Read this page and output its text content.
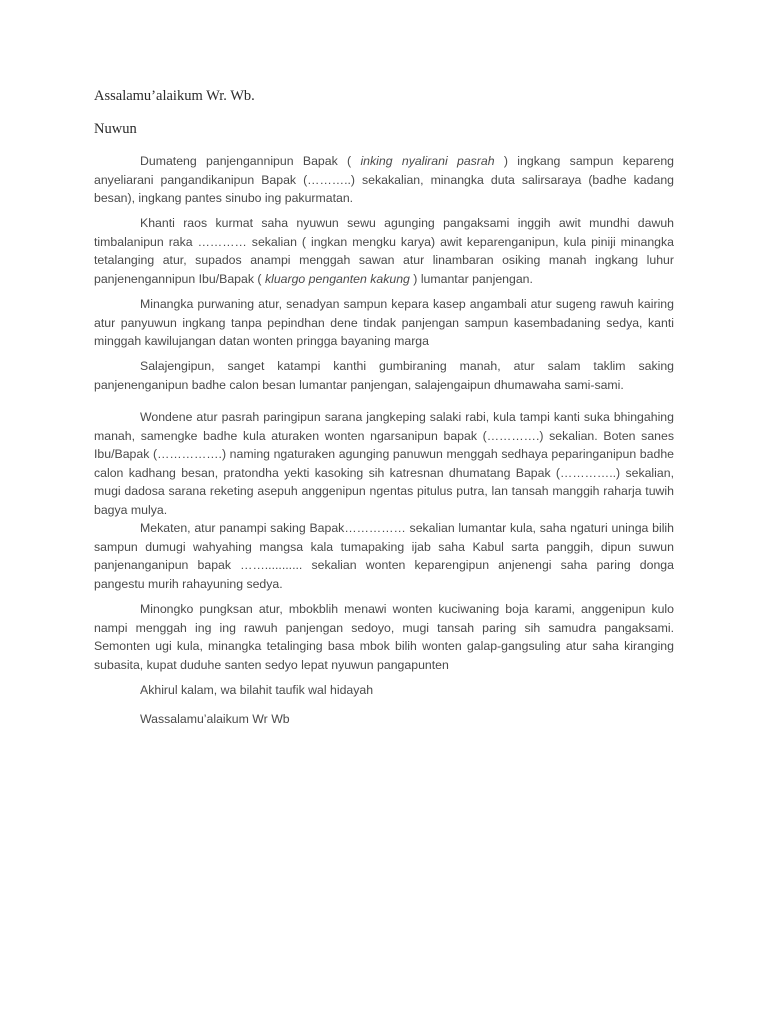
Assalamu’alaikum Wr. Wb.

Nuwun

Dumateng panjengannipun Bapak ( inking nyalirani pasrah ) ingkang sampun kepareng anyeliarani pangandikanipun Bapak (………..) sekakalian, minangka duta salirsaraya (badhe kadang besan), ingkang pantes sinubo ing pakurmatan.

Khanti raos kurmat saha nyuwun sewu agunging pangaksami inggih awit mundhi dawuh timbalanipun raka ………… sekalian ( ingkan mengku karya) awit keparenganipun, kula piniji minangka tetalanging atur, supados anampi menggah sawan atur linambaran osiking manah ingkang luhur panjenengannipun Ibu/Bapak ( kluargo penganten kakung ) lumantar panjengan.

Minangka purwaning atur, senadyan sampun kepara kasep angambali atur sugeng rawuh kairing atur panyuwun ingkang tanpa pepindhan dene tindak panjengan sampun kasembadaning sedya, kanti minggah kawilujangan datan wonten pringga bayaning marga

Salajengipun, sanget katampi kanthi gumbiraning manah, atur salam taklim saking panjenenganipun badhe calon besan lumantar panjengan, salajengaipun dhumawaha sami-sami.

Wondene atur pasrah paringipun sarana jangkeping salaki rabi, kula tampi kanti suka bhingahing manah, samengke badhe kula aturaken wonten ngarsanipun bapak (………….) sekalian. Boten sanes Ibu/Bapak (…………….) naming ngaturaken agunging panuwun menggah sedhaya peparinganipun badhe calon kadhang besan, pratondha yekti kasoking sih katresnan dhumatang Bapak (…………..) sekalian, mugi dadosa sarana reketing asepuh anggenipun ngentas pitulus putra, lan tansah manggih raharja tuwih bagya mulya.

Mekaten, atur panampi saking Bapak…………… sekalian lumantar kula, saha ngaturi uninga bilih sampun dumugi wahyahing mangsa kala tumapaking ijab saha Kabul sarta panggih, dipun suwun panjenanganipun bapak ……........... sekalian wonten keparengipun anjenengi saha paring donga pangestu murih rahayuning sedya.

Minongko pungksan atur, mbokblih menawi wonten kuciwaning boja karami, anggenipun kulo nampi menggah ing ing rawuh panjengan sedoyo, mugi tansah paring sih samudra pangaksami. Semonten ugi kula, minangka tetalinging basa mbok bilih wonten galap-gangsuling atur saha kiranging subasita, kupat duduhe santen sedyo lepat nyuwun pangapunten

Akhirul kalam, wa bilahit taufik wal hidayah

Wassalamu’alaikum Wr Wb
